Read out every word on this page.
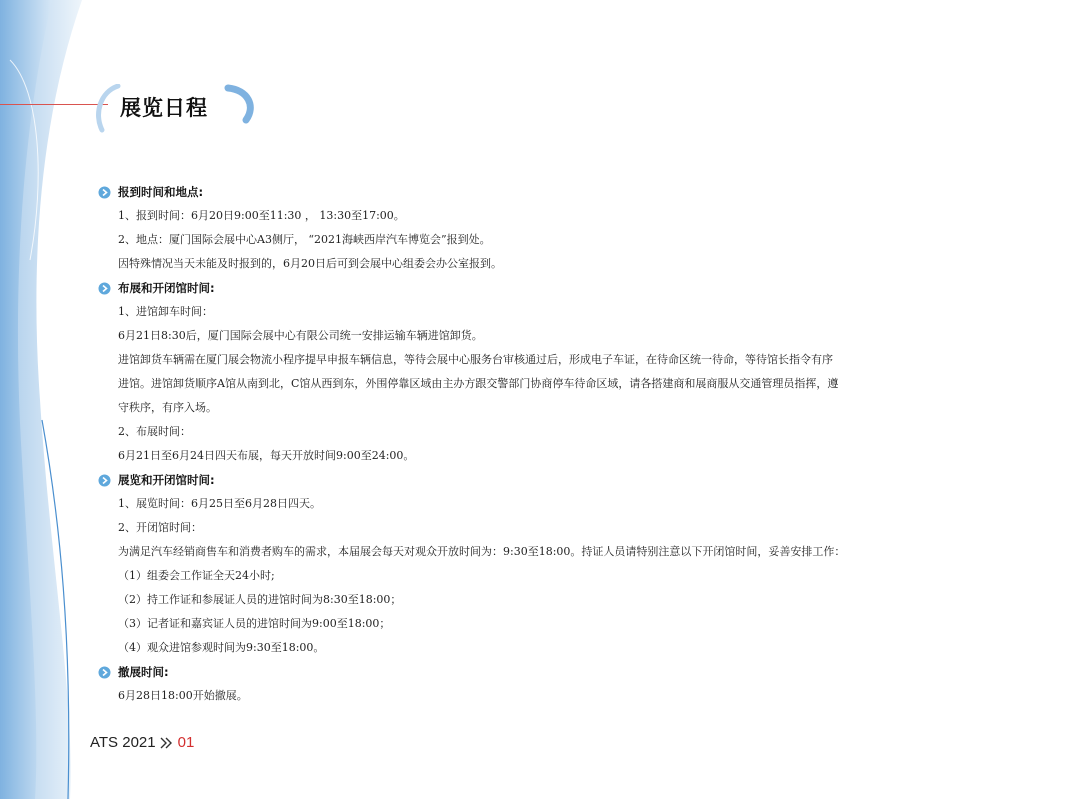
展览日程
报到时间和地点:
1、报到时间：6月20日9:00至11:30 ， 13:30至17:00。
2、地点：厦门国际会展中心A3侧厅， “2021海峡西岸汽车博览会”报到处。
因特殊情况当天未能及时报到的，6月20日后可到会展中心组委会办公室报到。
布展和开闭馆时间:
1、进馆卸车时间：
6月21日8:30后，厦门国际会展中心有限公司统一安排运输车辆进馆卸货。
进馆卸货车辆需在厦门展会物流小程序提早申报车辆信息，等待会展中心服务台审核通过后，形成电子车证，在待命区统一待命，等待馆长指令有序
进馆。进馆卸货顺序A馆从南到北，C馆从西到东，外围停靠区域由主办方跟交警部门协商停车待命区域，请各搭建商和展商服从交通管理员指挥，遵
守秩序，有序入场。
2、布展时间：
6月21日至6月24日四天布展，每天开放时间9:00至24:00。
展览和开闭馆时间:
1、展览时间：6月25日至6月28日四天。
2、开闭馆时间：
为满足汽车经销商售车和消费者购车的需求，本届展会每天对观众开放时间为：9:30至18:00。持证人员请特别注意以下开闭馆时间，妥善安排工作：
（1）组委会工作证全天24小时;
（2）持工作证和参展证人员的进馆时间为8:30至18:00；
（3）记者证和嘉宾证人员的进馆时间为9:00至18:00；
（4）观众进馆参观时间为9:30至18:00。
撤展时间:
6月28日18:00开始撤展。
ATS 2021 01
